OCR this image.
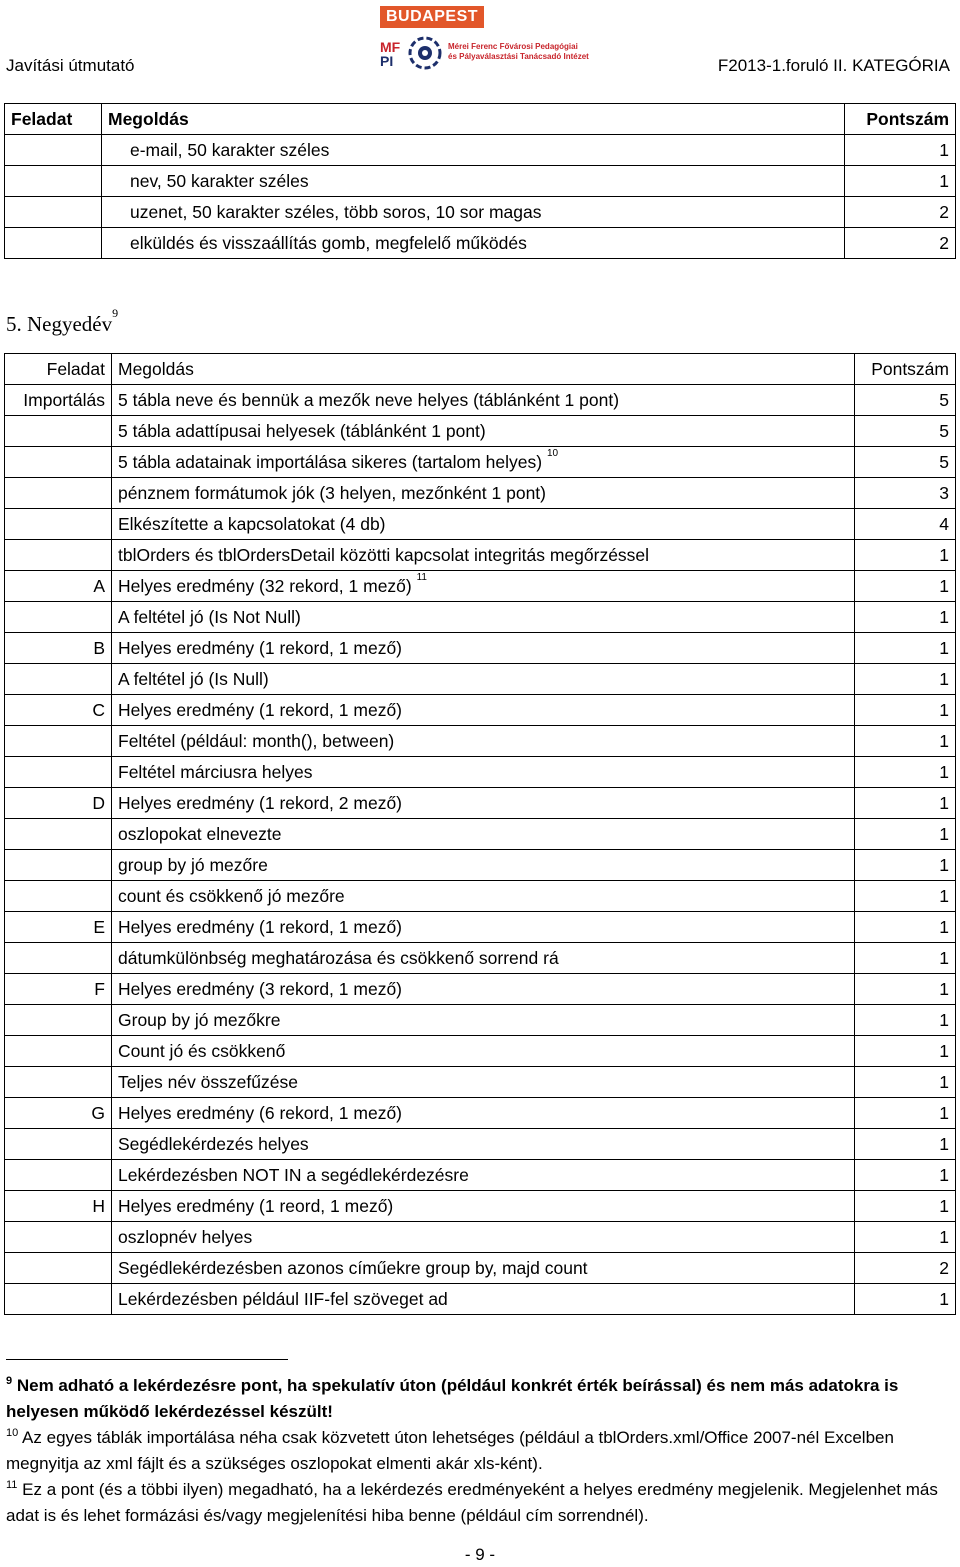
BUDAPEST
MF
PI
Mérei Ferenc Fővárosi Pedagógiai
és Pályaválasztási Tanácsadó Intézet
Javítási útmutató	F2013-1.foruló II. KATEGÓRIA
Feladat	Megoldás	Pontszám
	e-mail, 50 karakter széles	1
	nev, 50 karakter széles	1
	uzenet, 50 karakter széles, több soros, 10 sor magas	2
	elküldés és visszaállítás gomb, megfelelő működés	2
5. Negyedév$^9$
Feladat	Megoldás	Pontszám
Importálás	5 tábla neve és bennük a mezők neve helyes (táblánként 1 pont)	5
	5 tábla adattípusai helyesek (táblánként 1 pont)	5
	5 tábla adatainak importálása sikeres (tartalom helyes) $^{10}$	5
	pénznem formátumok jók (3 helyen, mezőnként 1 pont)	3
	Elkészítette a kapcsolatokat (4 db)	4
	tblOrders és tblOrdersDetail közötti kapcsolat integritás megőrzéssel	1
A	Helyes eredmény (32 rekord, 1 mező) $^{11}$	1
	A feltétel jó (Is Not Null)	1
B	Helyes eredmény (1 rekord, 1 mező)	1
	A feltétel jó (Is Null)	1
C	Helyes eredmény (1 rekord, 1 mező)	1
	Feltétel (például: month(), between)	1
	Feltétel márciusra helyes	1
D	Helyes eredmény (1 rekord, 2 mező)	1
	oszlopokat elnevezte	1
	group by jó mezőre	1
	count és csökkenő jó mezőre	1
E	Helyes eredmény (1 rekord, 1 mező)	1
	dátumkülönbség meghatározása és csökkenő sorrend rá	1
F	Helyes eredmény (3 rekord, 1 mező)	1
	Group by jó mezőkre	1
	Count jó és csökkenő	1
	Teljes név összefűzése	1
G	Helyes eredmény (6 rekord, 1 mező)	1
	Segédlekérdezés helyes	1
	Lekérdezésben NOT IN a segédlekérdezésre	1
H	Helyes eredmény (1 reord, 1 mező)	1
	oszlopnév helyes	1
	Segédlekérdezésben azonos címűekre group by, majd count	2
	Lekérdezésben például IIF-fel szöveget ad	1
$^9$ Nem adható a lekérdezésre pont, ha spekulatív úton (például konkrét érték beírással) és nem más adatokra is helyesen működő lekérdezéssel készült!
$^{10}$ Az egyes táblák importálása néha csak közvetett úton lehetséges (például a tblOrders.xml/Office 2007-nél Excelben megnyitja az xml fájlt és a szükséges oszlopokat elmenti akár xls-ként).
$^{11}$ Ez a pont (és a többi ilyen) megadható, ha a lekérdezés eredményeként a helyes eredmény megjelenik. Megjelenhet más adat is és lehet formázási és/vagy megjelenítési hiba benne (például cím sorrendnél).
- 9 -
